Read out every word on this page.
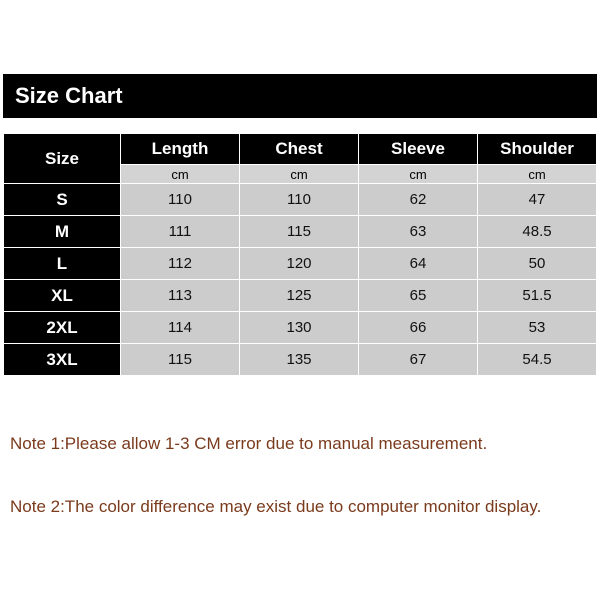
Size Chart
Size	Length	Chest	Sleeve	Shoulder
	cm	cm	cm	cm
S	110	110	62	47
M	111	115	63	48.5
L	112	120	64	50
XL	113	125	65	51.5
2XL	114	130	66	53
3XL	115	135	67	54.5
Note 1:Please allow 1-3 CM error due to manual measurement.
Note 2:The color difference may exist due to computer monitor display.
